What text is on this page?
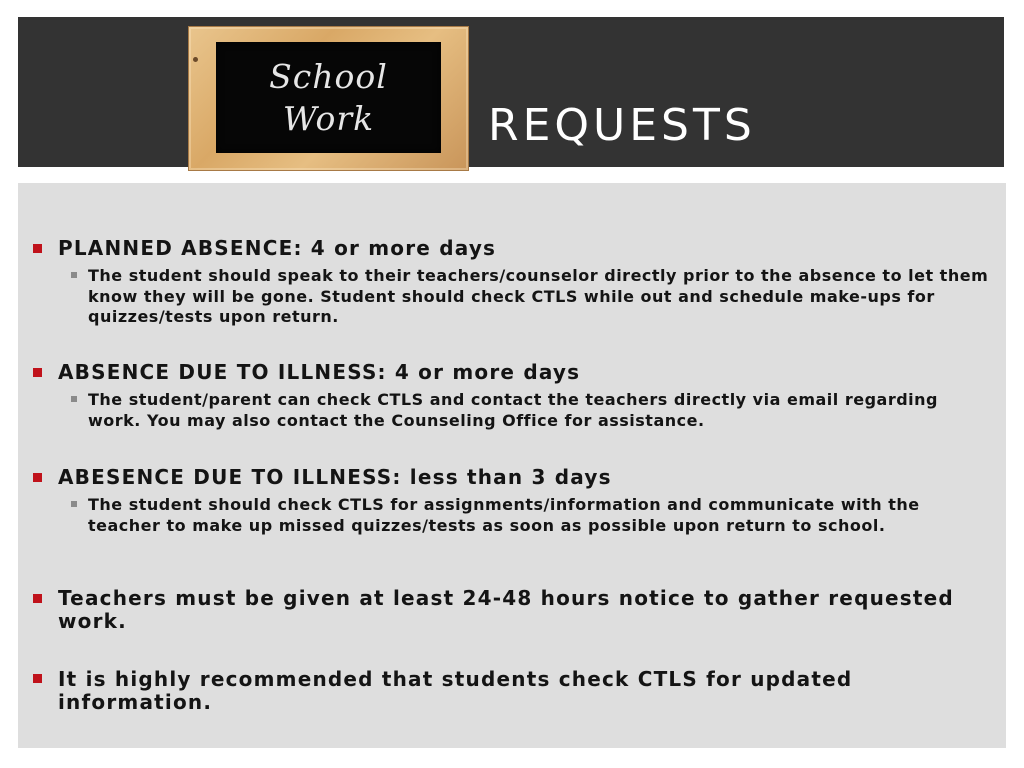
School
Work	REQUESTS

PLANNED ABSENCE: 4 or more days

The student should speak to their teachers/counselor directly prior to the absence to let them know they will be gone. Student should check CTLS while out and schedule make-ups for quizzes/tests upon return.

ABSENCE DUE TO ILLNESS: 4 or more days

The student/parent can check CTLS and contact the teachers directly via email regarding work. You may also contact the Counseling Office for assistance.

ABESENCE DUE TO ILLNESS: less than 3 days

The student should check CTLS for assignments/information and communicate with the teacher to make up missed quizzes/tests as soon as possible upon return to school.

Teachers must be given at least 24-48 hours notice to gather requested work.

It is highly recommended that students check CTLS for updated information.
